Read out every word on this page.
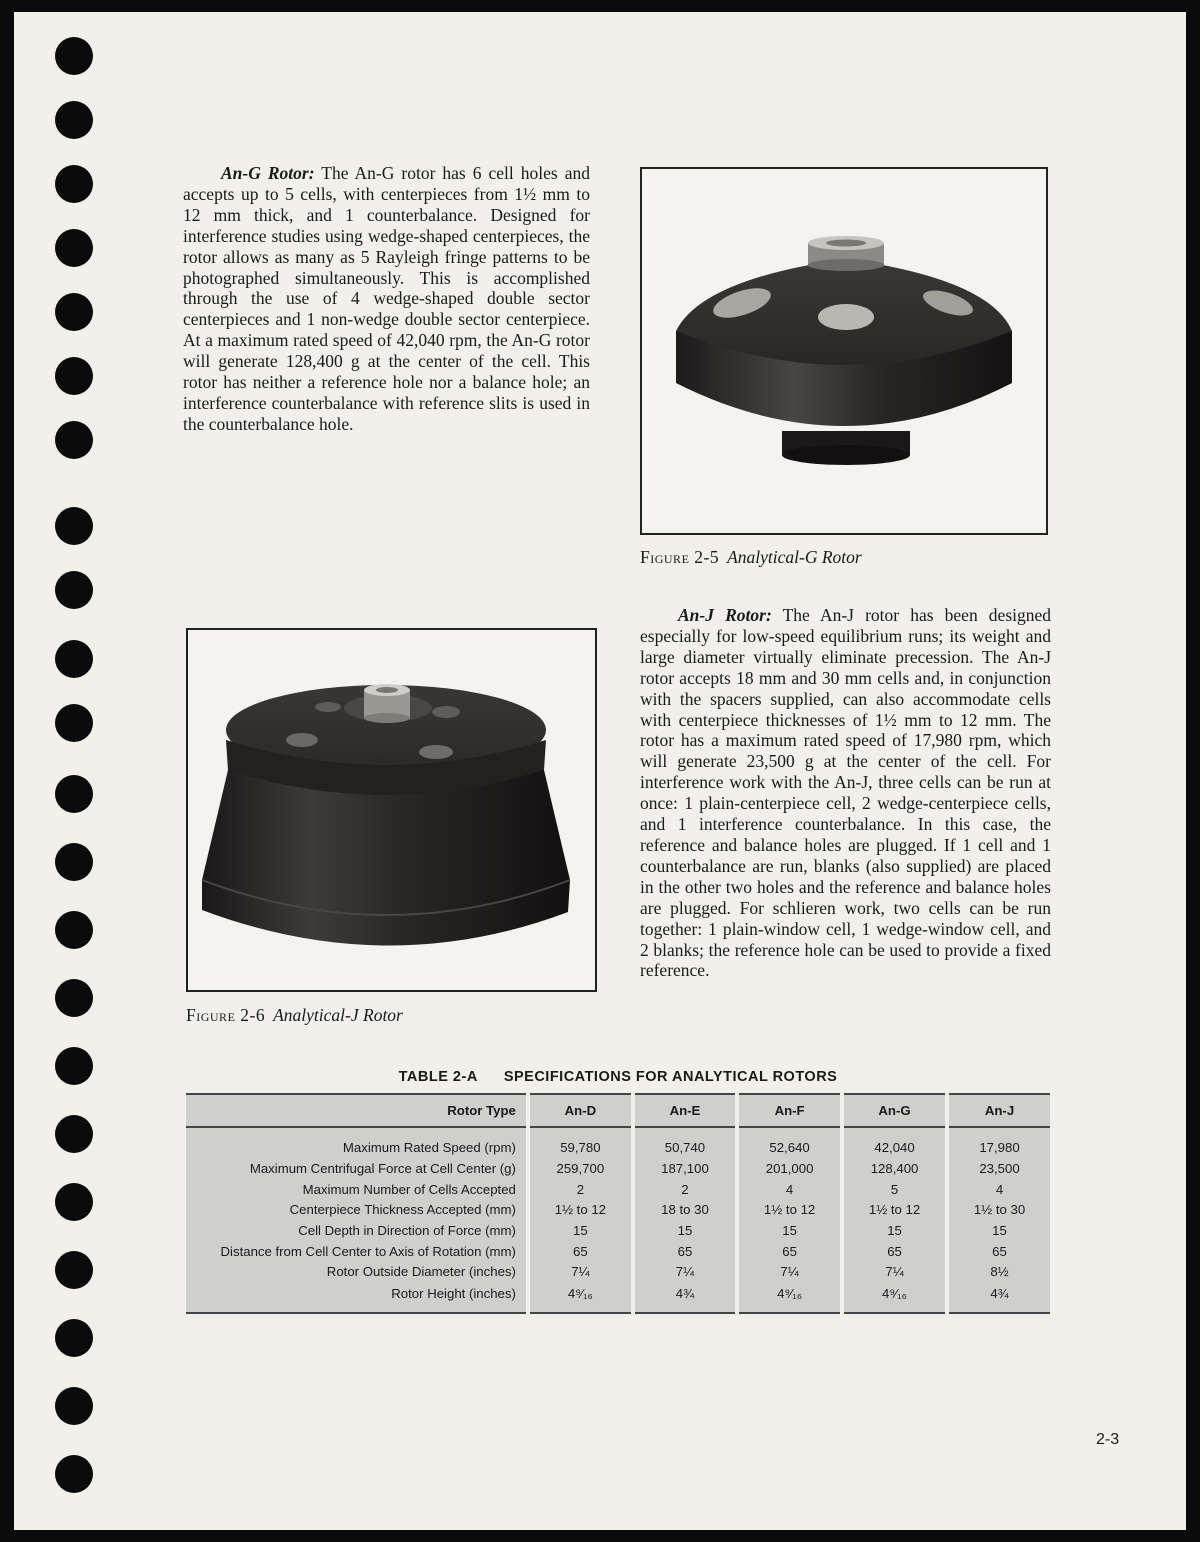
An-G Rotor: The An-G rotor has 6 cell holes and accepts up to 5 cells, with centerpieces from 1½ mm to 12 mm thick, and 1 counterbalance. Designed for interference studies using wedge-shaped centerpieces, the rotor allows as many as 5 Rayleigh fringe patterns to be photographed simultaneously. This is accomplished through the use of 4 wedge-shaped double sector centerpieces and 1 non-wedge double sector centerpiece. At a maximum rated speed of 42,040 rpm, the An-G rotor will generate 128,400 g at the center of the cell. This rotor has neither a reference hole nor a balance hole; an interference counterbalance with reference slits is used in the counterbalance hole.

Figure 2-5 Analytical-G Rotor

An-J Rotor: The An-J rotor has been designed especially for low-speed equilibrium runs; its weight and large diameter virtually eliminate precession. The An-J rotor accepts 18 mm and 30 mm cells and, in conjunction with the spacers supplied, can also accommodate cells with centerpiece thicknesses of 1½ mm to 12 mm. The rotor has a maximum rated speed of 17,980 rpm, which will generate 23,500 g at the center of the cell. For interference work with the An-J, three cells can be run at once: 1 plain-centerpiece cell, 2 wedge-centerpiece cells, and 1 interference counterbalance. In this case, the reference and balance holes are plugged. If 1 cell and 1 counterbalance are run, blanks (also supplied) are placed in the other two holes and the reference and balance holes are plugged. For schlieren work, two cells can be run together: 1 plain-window cell, 1 wedge-window cell, and 2 blanks; the reference hole can be used to provide a fixed reference.

Figure 2-6 Analytical-J Rotor
TABLE 2-A SPECIFICATIONS FOR ANALYTICAL ROTORS
Rotor Type	An-D	An-E	An-F	An-G	An-J
Maximum Rated Speed (rpm)	59,780	50,740	52,640	42,040	17,980
Maximum Centrifugal Force at Cell Center (g)	259,700	187,100	201,000	128,400	23,500
Maximum Number of Cells Accepted	2	2	4	5	4
Centerpiece Thickness Accepted (mm)	1½ to 12	18 to 30	1½ to 12	1½ to 12	1½ to 30
Cell Depth in Direction of Force (mm)	15	15	15	15	15
Distance from Cell Center to Axis of Rotation (mm)	65	65	65	65	65
Rotor Outside Diameter (inches)	7¼	7¼	7¼	7¼	8½
Rotor Height (inches)	4⁹⁄₁₆	4¾	4⁹⁄₁₆	4⁹⁄₁₆	4¾
2-3
